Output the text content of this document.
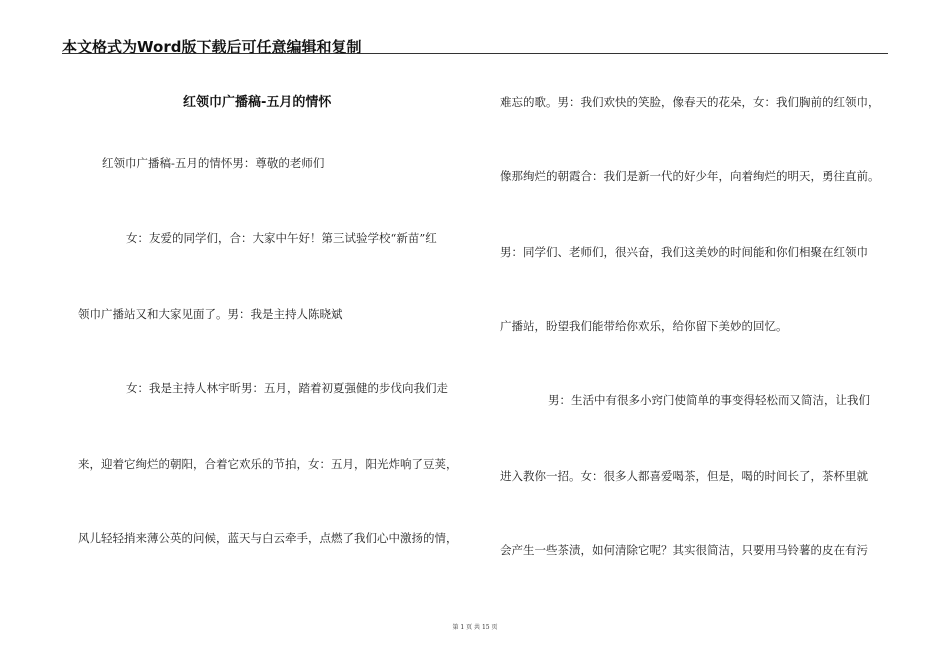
本文格式为Word版下载后可任意编辑和复制
红领巾广播稿-五月的情怀
红领巾广播稿-五月的情怀男：尊敬的老师们
女：友爱的同学们，合：大家中午好！第三试验学校“新苗”红
领巾广播站又和大家见面了。男：我是主持人陈晓斌
女：我是主持人林宇昕男：五月，踏着初夏强健的步伐向我们走
来，迎着它绚烂的朝阳，合着它欢乐的节拍，女：五月，阳光炸响了豆荚，
风儿轻轻捎来薄公英的问候，蓝天与白云牵手，点燃了我们心中激扬的情，
难忘的歌。男：我们欢快的笑脸，像春天的花朵，女：我们胸前的红领巾，
像那绚烂的朝霞合：我们是新一代的好少年，向着绚烂的明天，勇往直前。
男：同学们、老师们，很兴奋，我们这美妙的时间能和你们相聚在红领巾
广播站，盼望我们能带给你欢乐，给你留下美妙的回忆。
男：生活中有很多小窍门使简单的事变得轻松而又简洁，让我们
进入教你一招。女：很多人都喜爱喝茶，但是，喝的时间长了，茶杯里就
会产生一些茶渍，如何清除它呢？其实很简洁，只要用马铃薯的皮在有污
第 1 页 共 15 页
